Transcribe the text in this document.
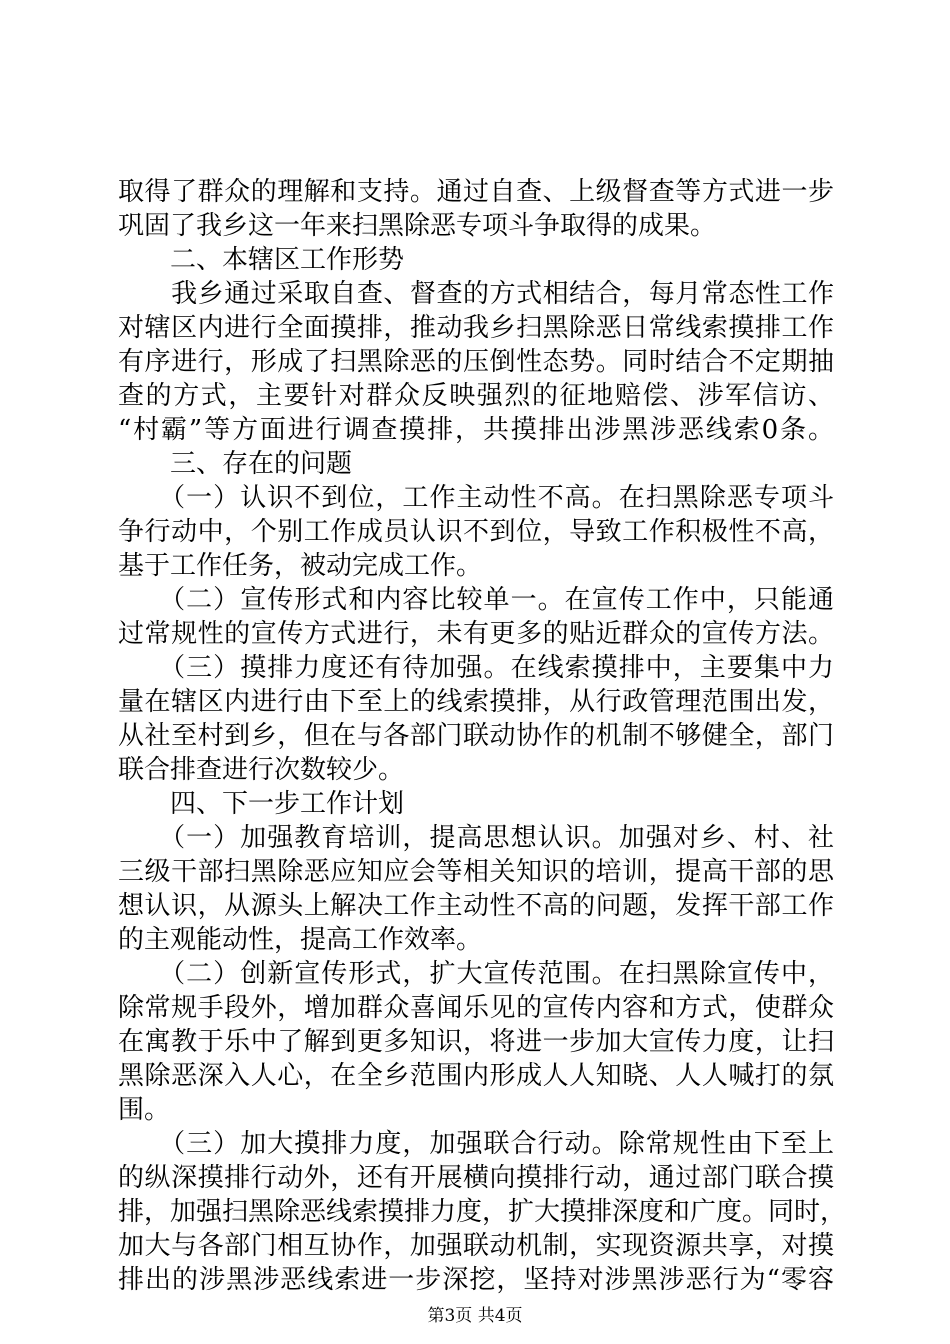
取得了群众的理解和支持。通过自查、上级督查等方式进一步
巩固了我乡这一年来扫黑除恶专项斗争取得的成果。
　　二、本辖区工作形势
　　我乡通过采取自查、督查的方式相结合，每月常态性工作
对辖区内进行全面摸排，推动我乡扫黑除恶日常线索摸排工作
有序进行，形成了扫黑除恶的压倒性态势。同时结合不定期抽
查的方式，主要针对群众反映强烈的征地赔偿、涉军信访、
“村霸”等方面进行调查摸排，共摸排出涉黑涉恶线索0条。
　　三、存在的问题
　　（一）认识不到位，工作主动性不高。在扫黑除恶专项斗
争行动中，个别工作成员认识不到位，导致工作积极性不高，
基于工作任务，被动完成工作。
　　（二）宣传形式和内容比较单一。在宣传工作中，只能通
过常规性的宣传方式进行，未有更多的贴近群众的宣传方法。
　　（三）摸排力度还有待加强。在线索摸排中，主要集中力
量在辖区内进行由下至上的线索摸排，从行政管理范围出发，
从社至村到乡，但在与各部门联动协作的机制不够健全，部门
联合排查进行次数较少。
　　四、下一步工作计划
　　（一）加强教育培训，提高思想认识。加强对乡、村、社
三级干部扫黑除恶应知应会等相关知识的培训，提高干部的思
想认识，从源头上解决工作主动性不高的问题，发挥干部工作
的主观能动性，提高工作效率。
　　（二）创新宣传形式，扩大宣传范围。在扫黑除宣传中，
除常规手段外，增加群众喜闻乐见的宣传内容和方式，使群众
在寓教于乐中了解到更多知识，将进一步加大宣传力度，让扫
黑除恶深入人心，在全乡范围内形成人人知晓、人人喊打的氛
围。
　　（三）加大摸排力度，加强联合行动。除常规性由下至上
的纵深摸排行动外，还有开展横向摸排行动，通过部门联合摸
排，加强扫黑除恶线索摸排力度，扩大摸排深度和广度。同时，
加大与各部门相互协作，加强联动机制，实现资源共享，对摸
排出的涉黑涉恶线索进一步深挖，坚持对涉黑涉恶行为“零容
第3页 共4页
